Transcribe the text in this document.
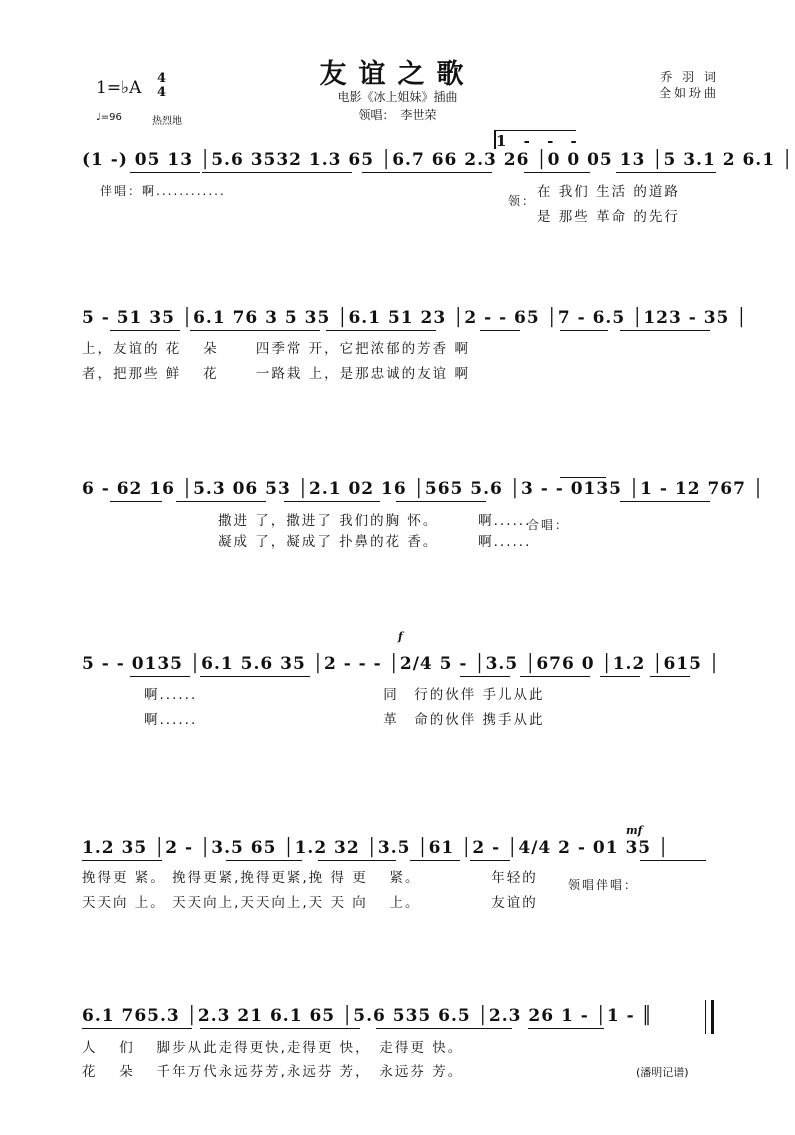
友谊之歌
电影《冰上姐妹》插曲
领唱：　李世荣
乔 羽 词
全如玢曲
1=♭A 4
4
♩=96	热烈地
1 - - -
(1 -) 05 13 │5.6 3532 1.3 65 │6.7 66 2.3 26 │0 0 05 13 │5 3.1 2 6.1 │
伴唱：啊............
领：
在 我们 生活 的道路
是 那些 革命 的先行
5 - 51 35 │6.1 76 3 5 35 │6.1 51 23 │2 - - 65 │7 - 6.5 │123 - 35 │
上，友谊的 花　 朵　　 四季常 开，它把浓郁的芳香 啊
者，把那些 鲜　 花　　 一路栽 上，是那忠诚的友谊 啊
6 - 62 16 │5.3 06 53 │2.1 02 16 │565 5.6 │3 - - 0135 │1 - 12 767 │
合唱：
撒进 了，撒进了 我们的胸 怀。　　　啊......
凝成 了，凝成了 扑鼻的花 香。　　　啊......
f
5 - - 0135 │6.1 5.6 35 │2 - - - │2/4 5 - │3.5 │676 0 │1.2 │615 │
啊......　　　　　　　　　　　　同　行的伙伴 手儿从此
啊......　　　　　　　　　　　　革　命的伙伴 携手从此
mf
1.2 35 │2 - │3.5 65 │1.2 32 │3.5 │61 │2 - │4/4 2 - 01 35 │
领唱伴唱：
挽得更 紧。 挽得更紧,挽得更紧,挽 得 更　 紧。　　　　　年轻的
天天向 上。 天天向上,天天向上,天 天 向　 上。　　　　　友谊的
6.1 765.3 │2.3 21 6.1 65 │5.6 535 6.5 │2.3 26 1 - │1 - ║
人　 们　 脚步从此走得更快,走得更 快，　走得更 快。
花　 朵　 千年万代永远芬芳,永远芬 芳，　永远芬 芳。	(潘明记谱)
